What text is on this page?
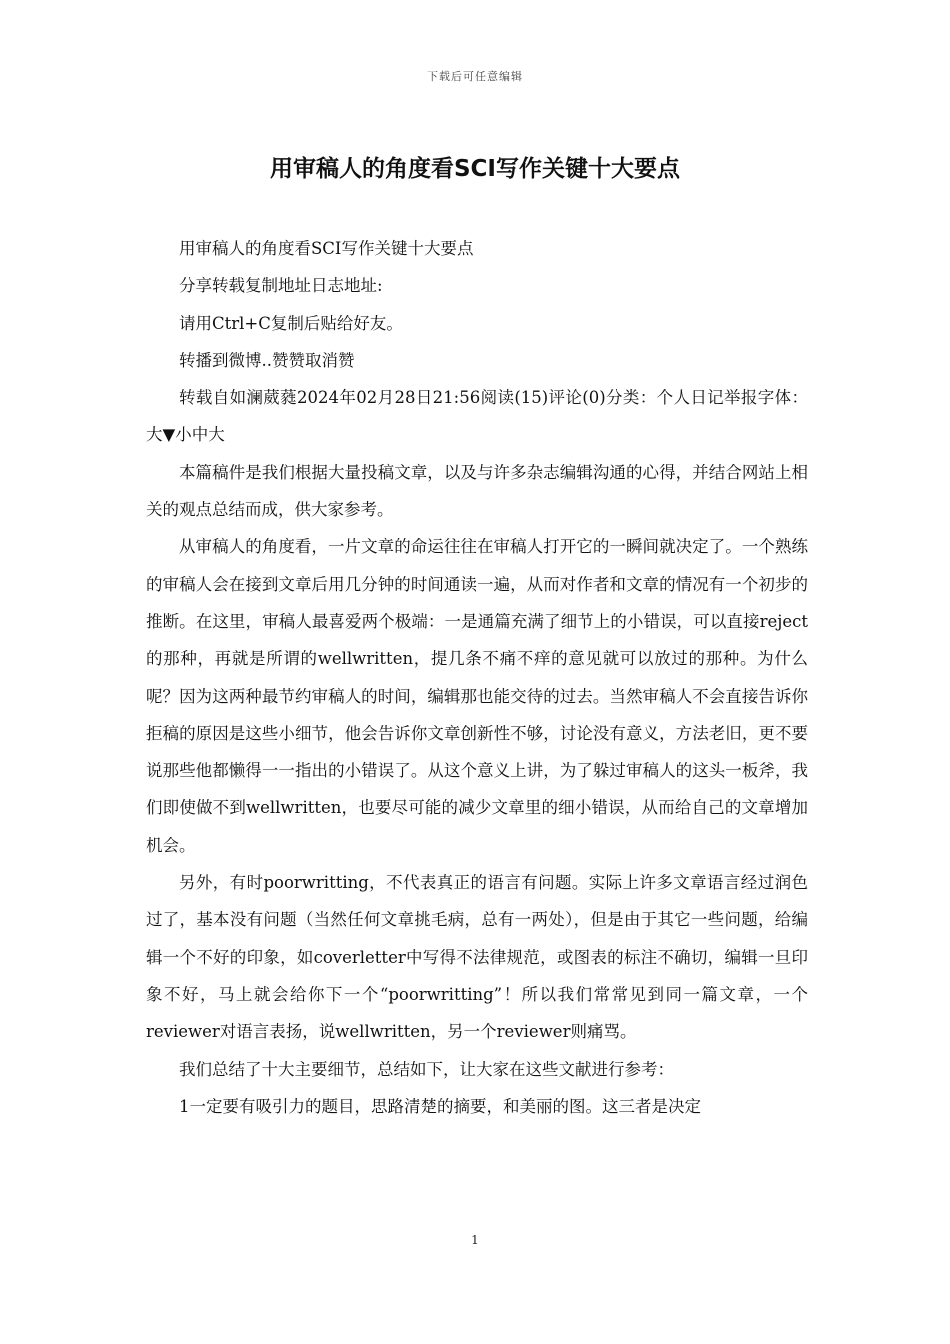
下载后可任意编辑
用审稿人的角度看SCI写作关键十大要点

用审稿人的角度看SCI写作关键十大要点

分享转载复制地址日志地址:

请用Ctrl+C复制后贴给好友。

转播到微博..赞赞取消赞

转载自如澜葳蕤2024年02月28日21:56阅读(15)评论(0)分类：个人日记举报字体：大▼小中大

本篇稿件是我们根据大量投稿文章，以及与许多杂志编辑沟通的心得，并结合网站上相关的观点总结而成，供大家参考。

从审稿人的角度看，一片文章的命运往往在审稿人打开它的一瞬间就决定了。一个熟练的审稿人会在接到文章后用几分钟的时间通读一遍，从而对作者和文章的情况有一个初步的推断。在这里，审稿人最喜爱两个极端：一是通篇充满了细节上的小错误，可以直接reject的那种，再就是所谓的wellwritten，提几条不痛不痒的意见就可以放过的那种。为什么呢？因为这两种最节约审稿人的时间，编辑那也能交待的过去。当然审稿人不会直接告诉你拒稿的原因是这些小细节，他会告诉你文章创新性不够，讨论没有意义，方法老旧，更不要说那些他都懒得一一指出的小错误了。从这个意义上讲，为了躲过审稿人的这头一板斧，我们即使做不到wellwritten，也要尽可能的减少文章里的细小错误，从而给自己的文章增加机会。

另外，有时poorwritting，不代表真正的语言有问题。实际上许多文章语言经过润色过了，基本没有问题（当然任何文章挑毛病，总有一两处），但是由于其它一些问题，给编辑一个不好的印象，如coverletter中写得不法律规范，或图表的标注不确切，编辑一旦印象不好，马上就会给你下一个“poorwritting”！所以我们常常见到同一篇文章，一个reviewer对语言表扬，说wellwritten，另一个reviewer则痛骂。

我们总结了十大主要细节，总结如下，让大家在这些文献进行参考：

1一定要有吸引力的题目，思路清楚的摘要，和美丽的图。这三者是决定

1
